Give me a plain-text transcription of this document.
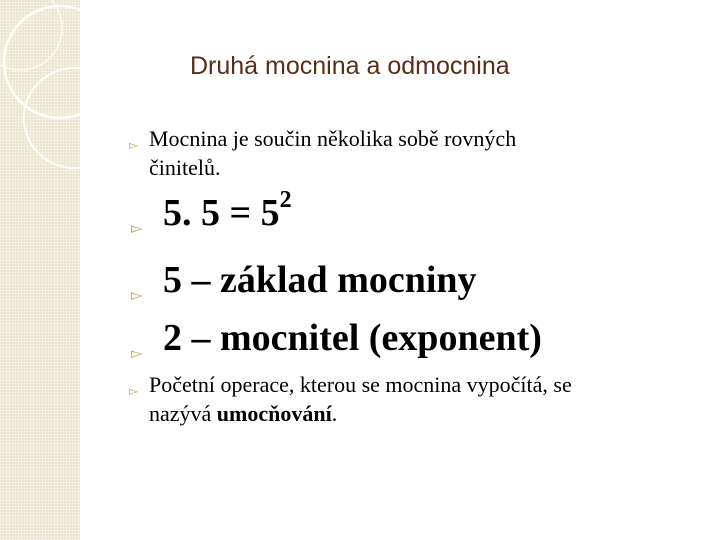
Druhá mocnina a odmocnina
▻ Mocnina je součin několika sobě rovných
činitelů.
▻ 5. $5 = 5^2$
▻ 5 – základ mocniny
▻ 2 – mocnitel (exponent)
▻ Početní operace, kterou se mocnina vypočítá, se
nazývá umocňování.
